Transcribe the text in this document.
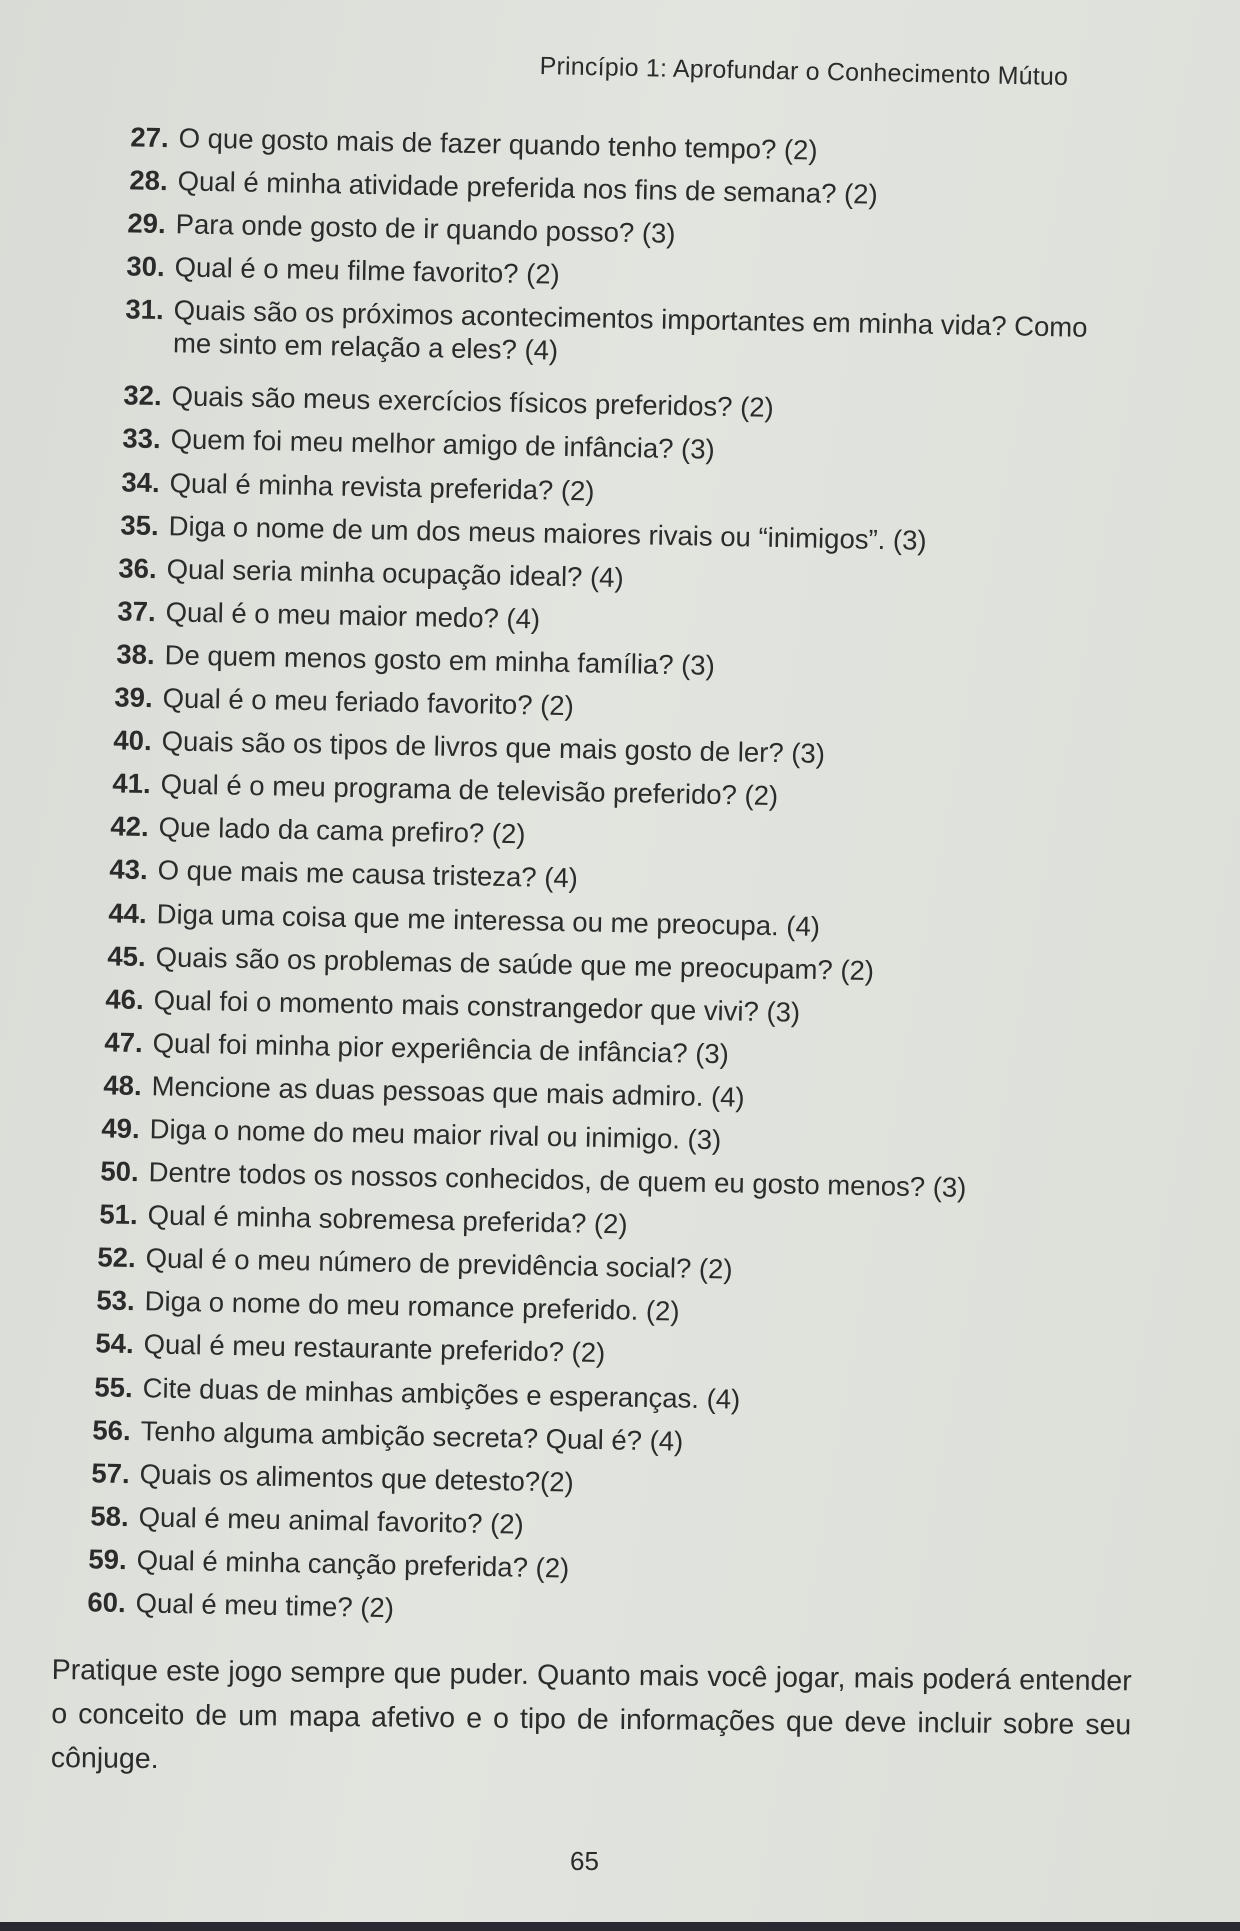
Princípio 1: Aprofundar o Conhecimento Mútuo
27. O que gosto mais de fazer quando tenho tempo? (2)
28. Qual é minha atividade preferida nos fins de semana? (2)
29. Para onde gosto de ir quando posso? (3)
30. Qual é o meu filme favorito? (2)
31. Quais são os próximos acontecimentos importantes em minha vida? Como me sinto em relação a eles? (4)
32. Quais são meus exercícios físicos preferidos? (2)
33. Quem foi meu melhor amigo de infância? (3)
34. Qual é minha revista preferida? (2)
35. Diga o nome de um dos meus maiores rivais ou “inimigos”. (3)
36. Qual seria minha ocupação ideal? (4)
37. Qual é o meu maior medo? (4)
38. De quem menos gosto em minha família? (3)
39. Qual é o meu feriado favorito? (2)
40. Quais são os tipos de livros que mais gosto de ler? (3)
41. Qual é o meu programa de televisão preferido? (2)
42. Que lado da cama prefiro? (2)
43. O que mais me causa tristeza? (4)
44. Diga uma coisa que me interessa ou me preocupa. (4)
45. Quais são os problemas de saúde que me preocupam? (2)
46. Qual foi o momento mais constrangedor que vivi? (3)
47. Qual foi minha pior experiência de infância? (3)
48. Mencione as duas pessoas que mais admiro. (4)
49. Diga o nome do meu maior rival ou inimigo. (3)
50. Dentre todos os nossos conhecidos, de quem eu gosto menos? (3)
51. Qual é minha sobremesa preferida? (2)
52. Qual é o meu número de previdência social? (2)
53. Diga o nome do meu romance preferido. (2)
54. Qual é meu restaurante preferido? (2)
55. Cite duas de minhas ambições e esperanças. (4)
56. Tenho alguma ambição secreta? Qual é? (4)
57. Quais os alimentos que detesto?(2)
58. Qual é meu animal favorito? (2)
59. Qual é minha canção preferida? (2)
60. Qual é meu time? (2)

Pratique este jogo sempre que puder. Quanto mais você jogar, mais poderá entender o conceito de um mapa afetivo e o tipo de informações que deve incluir sobre seu cônjuge.

65
